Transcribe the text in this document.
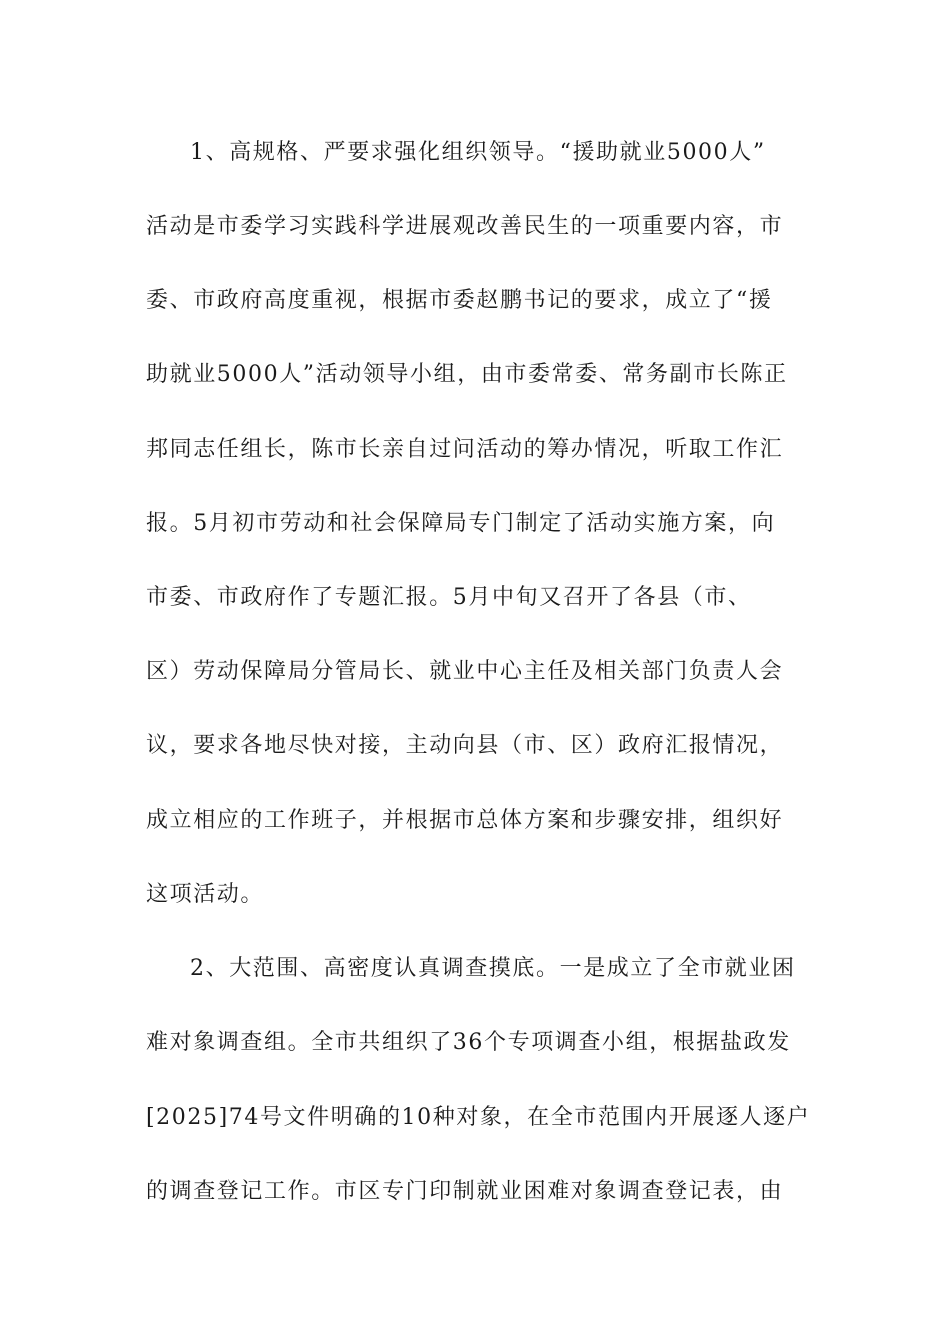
1、高规格、严要求强化组织领导。“援助就业5000人”
活动是市委学习实践科学进展观改善民生的一项重要内容，市
委、市政府高度重视，根据市委赵鹏书记的要求，成立了“援
助就业5000人”活动领导小组，由市委常委、常务副市长陈正
邦同志任组长，陈市长亲自过问活动的筹办情况，听取工作汇
报。5月初市劳动和社会保障局专门制定了活动实施方案，向
市委、市政府作了专题汇报。5月中旬又召开了各县（市、
区）劳动保障局分管局长、就业中心主任及相关部门负责人会
议，要求各地尽快对接，主动向县（市、区）政府汇报情况，
成立相应的工作班子，并根据市总体方案和步骤安排，组织好
这项活动。
2、大范围、高密度认真调查摸底。一是成立了全市就业困
难对象调查组。全市共组织了36个专项调查小组，根据盐政发
[2025]74号文件明确的10种对象，在全市范围内开展逐人逐户
的调查登记工作。市区专门印制就业困难对象调查登记表，由
